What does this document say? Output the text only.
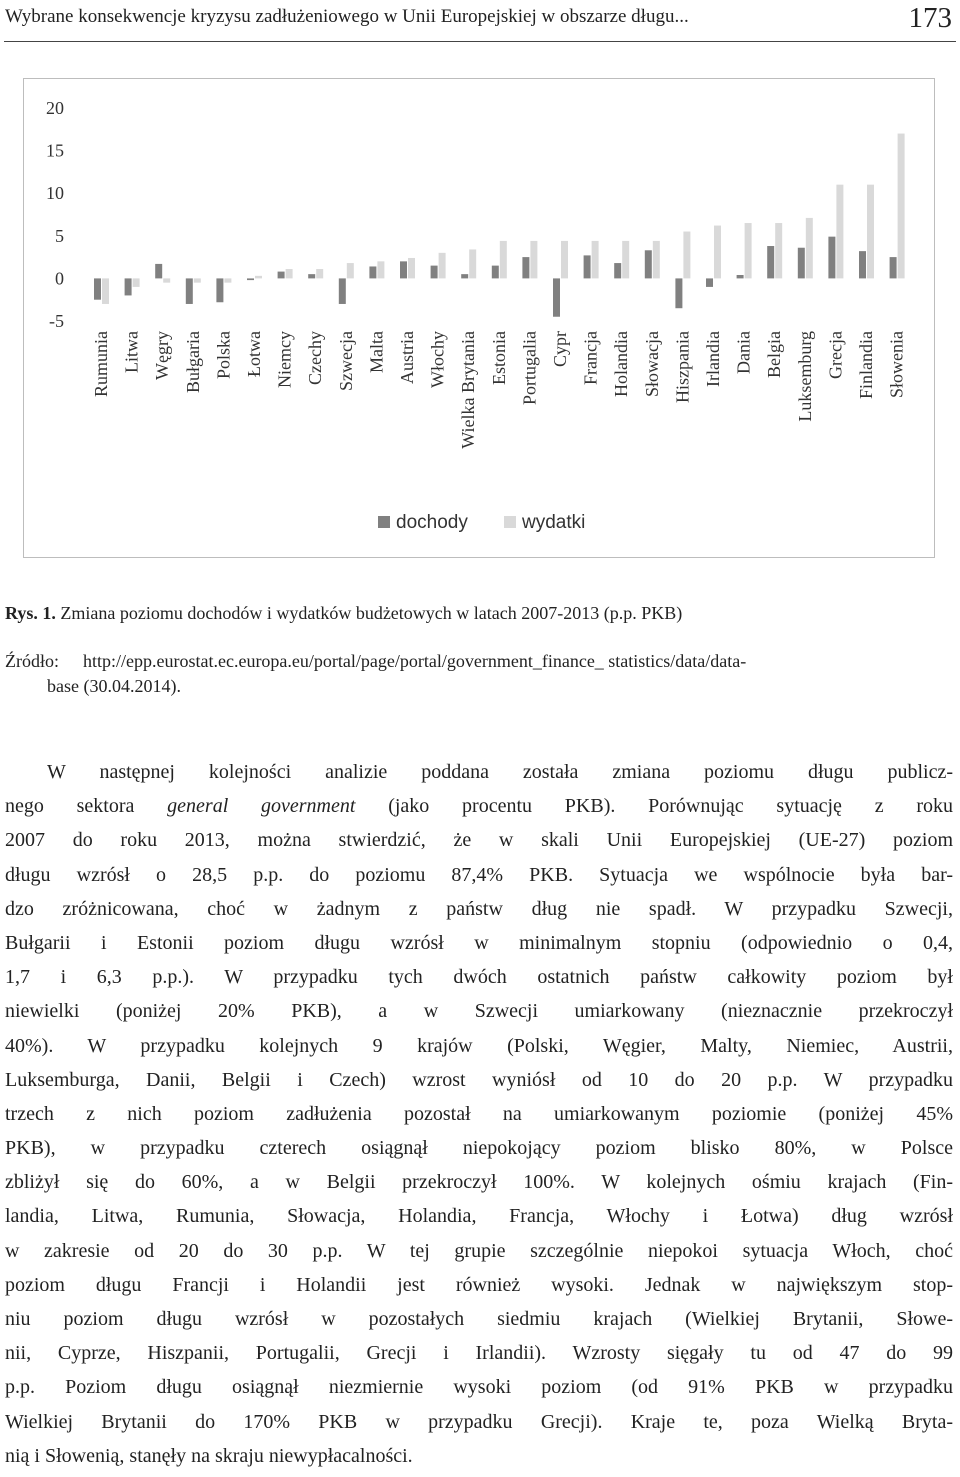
Wybrane konsekwencje kryzysu zadłużeniowego w Unii Europejskiej w obszarze długu...	173
20
15
10
5
0
-5
Rumunia Litwa Węgry Bułgaria Polska Łotwa Niemcy Czechy Szwecja Malta Austria Włochy Wielka Brytania Estonia Portugalia Cypr Francja Holandia Słowacja Hiszpania Irlandia Dania Belgia Luksemburg Grecja Finlandia Słowenia
dochody	wydatki
Rys. 1. Zmiana poziomu dochodów i wydatków budżetowych w latach 2007-2013 (p.p. PKB)
Źródło: http://epp.eurostat.ec.europa.eu/portal/page/portal/government_finance_ statistics/data/data-
base (30.04.2014).
W następnej kolejności analizie poddana została zmiana poziomu długu publicz-
nego sektora general government (jako procentu PKB). Porównując sytuację z roku
2007 do roku 2013, można stwierdzić, że w skali Unii Europejskiej (UE-27) poziom
długu wzrósł o 28,5 p.p. do poziomu 87,4% PKB. Sytuacja we wspólnocie była bar-
dzo zróżnicowana, choć w żadnym z państw dług nie spadł. W przypadku Szwecji,
Bułgarii i Estonii poziom długu wzrósł w minimalnym stopniu (odpowiednio o 0,4,
1,7 i 6,3 p.p.). W przypadku tych dwóch ostatnich państw całkowity poziom był
niewielki (poniżej 20% PKB), a w Szwecji umiarkowany (nieznacznie przekroczył
40%). W przypadku kolejnych 9 krajów (Polski, Węgier, Malty, Niemiec, Austrii,
Luksemburga, Danii, Belgii i Czech) wzrost wyniósł od 10 do 20 p.p. W przypadku
trzech z nich poziom zadłużenia pozostał na umiarkowanym poziomie (poniżej 45%
PKB), w przypadku czterech osiągnął niepokojący poziom blisko 80%, w Polsce
zbliżył się do 60%, a w Belgii przekroczył 100%. W kolejnych ośmiu krajach (Fin-
landia, Litwa, Rumunia, Słowacja, Holandia, Francja, Włochy i Łotwa) dług wzrósł
w zakresie od 20 do 30 p.p. W tej grupie szczególnie niepokoi sytuacja Włoch, choć
poziom długu Francji i Holandii jest również wysoki. Jednak w największym stop-
niu poziom długu wzrósł w pozostałych siedmiu krajach (Wielkiej Brytanii, Słowe-
nii, Cyprze, Hiszpanii, Portugalii, Grecji i Irlandii). Wzrosty sięgały tu od 47 do 99
p.p. Poziom długu osiągnął niezmiernie wysoki poziom (od 91% PKB w przypadku
Wielkiej Brytanii do 170% PKB w przypadku Grecji). Kraje te, poza Wielką Bryta-
nią i Słowenią, stanęły na skraju niewypłacalności.
